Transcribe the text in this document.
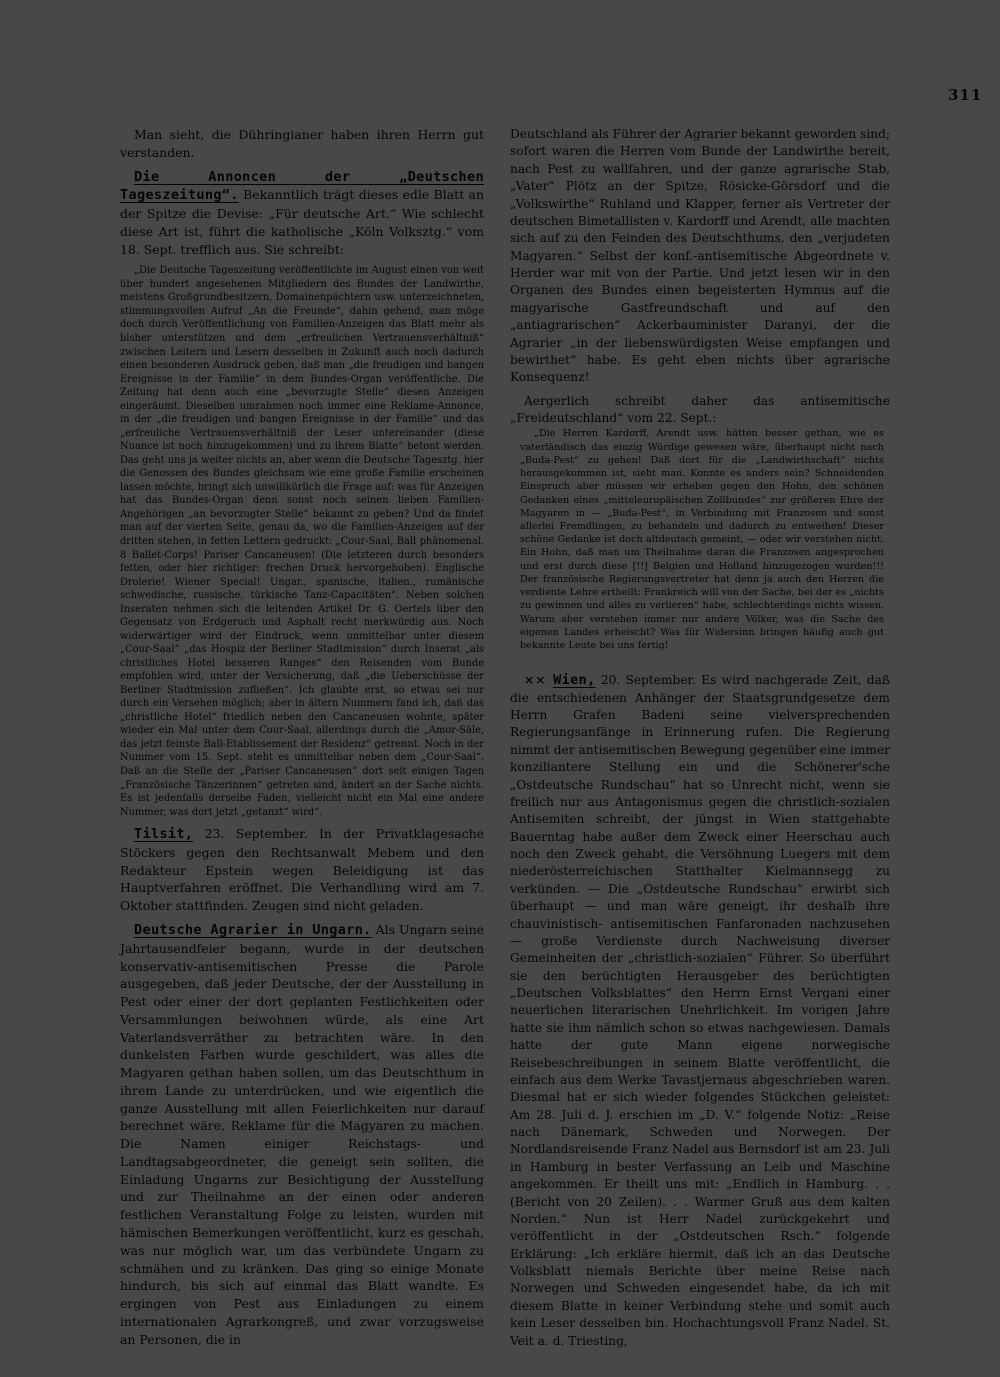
311

Man sieht, die Dühringianer haben ihren Herrn gut verstanden.

Die Annoncen der „Deutschen Tageszeitung“. Bekanntlich trägt dieses edle Blatt an der Spitze die Devise: „Für deutsche Art.“ Wie schlecht diese Art ist, führt die katholische „Köln Volksztg.“ vom 18. Sept. trefflich aus. Sie schreibt:

„Die Deutsche Tageszeitung veröffentlichte im August einen von weit über hundert angesehenen Mitgliedern des Bundes der Landwirthe, meistens Großgrundbesitzern, Domainenpächtern usw. unterzeichneten, stimmungsvollen Aufruf „An die Freunde“, dahin gehend, man möge doch durch Veröffentlichung von Familien-Anzeigen das Blatt mehr als bisher unterstützen und dem „erfreulichen Vertrauensverhältniß“ zwischen Leitern und Lesern desselben in Zukunft auch noch dadurch einen besonderen Ausdruck geben, daß man „die freudigen und bangen Ereignisse in der Familie“ in dem Bundes-Organ veröffentliche. Die Zeitung hat denn auch eine „bevorzugte Stelle“ diesen Anzeigen eingeräumt. Dieselben umrahmen noch immer eine Reklame-Annonce, in der „die freudigen und bangen Ereignisse in der Familie“ und das „erfreuliche Vertrauensverhältniß der Leser untereinander (diese Nuance ist noch hinzugekommen) und zu ihrem Blatte“ betont werden. Das geht uns ja weiter nichts an, aber wenn die Deutsche Tagesztg. hier die Genossen des Bundes gleichsam wie eine große Familie erscheinen lassen möchte, bringt sich unwillkürlich die Frage auf: was für Anzeigen hat das Bundes-Organ denn sonst noch seinen lieben Familien-Angehörigen „an bevorzugter Stelle“ bekannt zu geben? Und da findet man auf der vierten Seite, genau da, wo die Familien-Anzeigen auf der dritten stehen, in fetten Lettern gedruckt: „Cour-Saal, Ball phänomenal. 8 Ballet-Corps! Pariser Cancaneusen! (Die letzteren durch besonders fetten, oder hier richtiger: frechen Druck hervorgehoben). Englische Drolerie! Wiener Special! Ungar., spanische, italien., rumänische schwedische, russische, türkische Tanz-Capacitäten“. Neben solchen Inseraten nehmen sich die leitenden Artikel Dr. G. Oertels über den Gegensatz von Erdgeruch und Asphalt recht merkwürdig aus. Noch widerwärtiger wird der Eindruck, wenn unmittelbar unter diesem „Cour-Saal“ „das Hospiz der Berliner Stadtmission“ durch Inserat „als christliches Hotel besseren Ranges“ den Reisenden vom Bunde empfohlen wird, unter der Versicherung, daß „die Ueberschüsse der Berliner Stadtmission zufließen“. Ich glaubte erst, so etwas sei nur durch ein Versehen möglich; aber in ältern Nummern fand ich, daß das „christliche Hotel“ friedlich neben den Cancaneusen wohnte, später wieder ein Mal unter dem Cour-Saal, allerdings durch die „Amor-Säle, das jetzt feinste Ball-Etablissement der Residenz“ getrennt. Noch in der Nummer vom 15. Sept. steht es unmittelbar neben dem „Cour-Saal“. Daß an die Stelle der „Pariser Cancaneusen“ dort seit einigen Tagen „Französische Tänzerinnen“ getreten sind, ändert an der Sache nichts. Es ist jedenfalls derselbe Faden, vielleicht nicht ein Mal eine andere Nummer, was dort jetzt „getanzt“ wird“.

Tilsit, 23. September. In der Privatklagesache Stöckers gegen den Rechtsanwalt Mebem und den Redakteur Epstein wegen Beleidigung ist das Hauptverfahren eröffnet. Die Verhandlung wird am 7. Oktober stattfinden. Zeugen sind nicht geladen.

Deutsche Agrarier in Ungarn. Als Ungarn seine Jahrtausendfeier begann, wurde in der deutschen konservativ-antisemitischen Presse die Parole ausgegeben, daß jeder Deutsche, der der Ausstellung in Pest oder einer der dort geplanten Festlichkeiten oder Versammlungen beiwohnen würde, als eine Art Vaterlandsverräther zu betrachten wäre. In den dunkelsten Farben wurde geschildert, was alles die Magyaren gethan haben sollen, um das Deutschthum in ihrem Lande zu unterdrücken, und wie eigentlich die ganze Ausstellung mit allen Feierlichkeiten nur darauf berechnet wäre, Reklame für die Magyaren zu machen. Die Namen einiger Reichstags- und Landtagsabgeordneter, die geneigt sein sollten, die Einladung Ungarns zur Besichtigung der Ausstellung und zur Theilnahme an der einen oder anderen festlichen Veranstaltung Folge zu leisten, wurden mit hämischen Bemerkungen veröffentlicht, kurz es geschah, was nur möglich war, um das verbündete Ungarn zu schmähen und zu kränken. Das ging so einige Monate hindurch, bis sich auf einmal das Blatt wandte. Es ergingen von Pest aus Einladungen zu einem internationalen Agrarkongreß, und zwar vorzugsweise an Personen, die in

Deutschland als Führer der Agrarier bekannt geworden sind; sofort waren die Herren vom Bunde der Landwirthe bereit, nach Pest zu wallfahren, und der ganze agrarische Stab, „Vater“ Plötz an der Spitze, Rösicke-Görsdorf und die „Volkswirthe“ Ruhland und Klapper, ferner als Vertreter der deutschen Bimetallisten v. Kardorff und Arendt, alle machten sich auf zu den Feinden des Deutschthums, den „verjudeten Magyaren.“ Selbst der konf.-antisemitische Abgeordnete v. Herder war mit von der Partie. Und jetzt lesen wir in den Organen des Bundes einen begeisterten Hymnus auf die magyarische Gastfreundschaft und auf den „antiagrarischen“ Ackerbauminister Daranyi, der die Agrarier „in der liebenswürdigsten Weise empfangen und bewirthet“ habe. Es geht eben nichts über agrarische Konsequenz!

Aergerlich schreibt daher das antisemitische „Freideutschland“ vom 22. Sept.:

„Die Herren Kardorff, Arendt usw. hätten besser gethan, wie es vaterländisch das einzig Würdige gewesen wäre, überhaupt nicht nach „Buda-Pest“ zu gehen! Daß dort für die „Landwirthschaft“ nichts herausgekommen ist, sieht man. Konnte es anders sein? Schneidenden Einspruch aber müssen wir erheben gegen den Hohn, den schönen Gedanken eines „mitteleuropäischen Zollbundes“ zur größeren Ehre der Magyaren in — „Buda-Pest“, in Verbindung mit Franzosen und sonst allerlei Fremdlingen, zu behandeln und dadurch zu entweihen! Dieser schöne Gedanke ist doch altdeutsch gemeint, — oder wir verstehen nicht. Ein Hohn, daß man um Theilnahme daran die Franzosen angesprochen und erst durch diese [!!] Belgien und Holland hinzugezogen wurden!!! Der französische Regierungsvertreter hat denn ja auch den Herren die verdiente Lehre ertheilt: Frankreich will von der Sache, bei der es „nichts zu gewinnen und alles zu verlieren“ habe, schlechterdings nichts wissen. Warum aber verstehen immer nur andere Völker, was die Sache des eigenen Landes erheischt? Was für Widersinn bringen häufig auch gut bekannte Leute bei uns fertig!

×× Wien, 20. September. Es wird nachgerade Zeit, daß die entschiedenen Anhänger der Staatsgrundgesetze dem Herrn Grafen Badeni seine vielversprechenden Regierungsanfänge in Erinnerung rufen. Die Regierung nimmt der antisemitischen Bewegung gegenüber eine immer konziliantere Stellung ein und die Schönerer'sche „Ostdeutsche Rundschau“ hat so Unrecht nicht, wenn sie freilich nur aus Antagonismus gegen die christlich-sozialen Antisemiten schreibt, der jüngst in Wien stattgehabte Bauerntag habe außer dem Zweck einer Heerschau auch noch den Zweck gehabt, die Versöhnung Luegers mit dem niederösterreichischen Statthalter Kielmannsegg zu verkünden. — Die „Ostdeutsche Rundschau“ erwirbt sich überhaupt — und man wäre geneigt, ihr deshalb ihre chauvinistisch- antisemitischen Fanfaronaden nachzusehen — große Verdienste durch Nachweisung diverser Gemeinheiten der „christlich-sozialen“ Führer. So überführt sie den berüchtigten Herausgeber des berüchtigten „Deutschen Volksblattes“ den Herrn Ernst Vergani einer neuerlichen literarischen Unehrlichkeit. Im vorigen Jahre hatte sie ihm nämlich schon so etwas nachgewiesen. Damals hatte der gute Mann eigene norwegische Reisebeschreibungen in seinem Blatte veröffentlicht, die einfach aus dem Werke Tavastjernaus abgeschrieben waren. Diesmal hat er sich wieder folgendes Stückchen geleistet: Am 28. Juli d. J. erschien im „D. V.“ folgende Notiz: „Reise nach Dänemark, Schweden und Norwegen. Der Nordlandsreisende Franz Nadel aus Bernsdorf ist am 23. Juli in Hamburg in bester Verfassung an Leib und Maschine angekommen. Er theilt uns mit: „Endlich in Hamburg. . . (Bericht von 20 Zeilen). . . Warmer Gruß aus dem kalten Norden.“ Nun ist Herr Nadel zurückgekehrt und veröffentlicht in der „Ostdeutschen Rsch.“ folgende Erklärung: „Ich erkläre hiermit, daß ich an das Deutsche Volksblatt niemals Berichte über meine Reise nach Norwegen und Schweden eingesendet habe, da ich mit diesem Blatte in keiner Verbindung stehe und somit auch kein Leser desselben bin. Hochachtungsvoll Franz Nadel. St. Veit a. d. Triesting,
